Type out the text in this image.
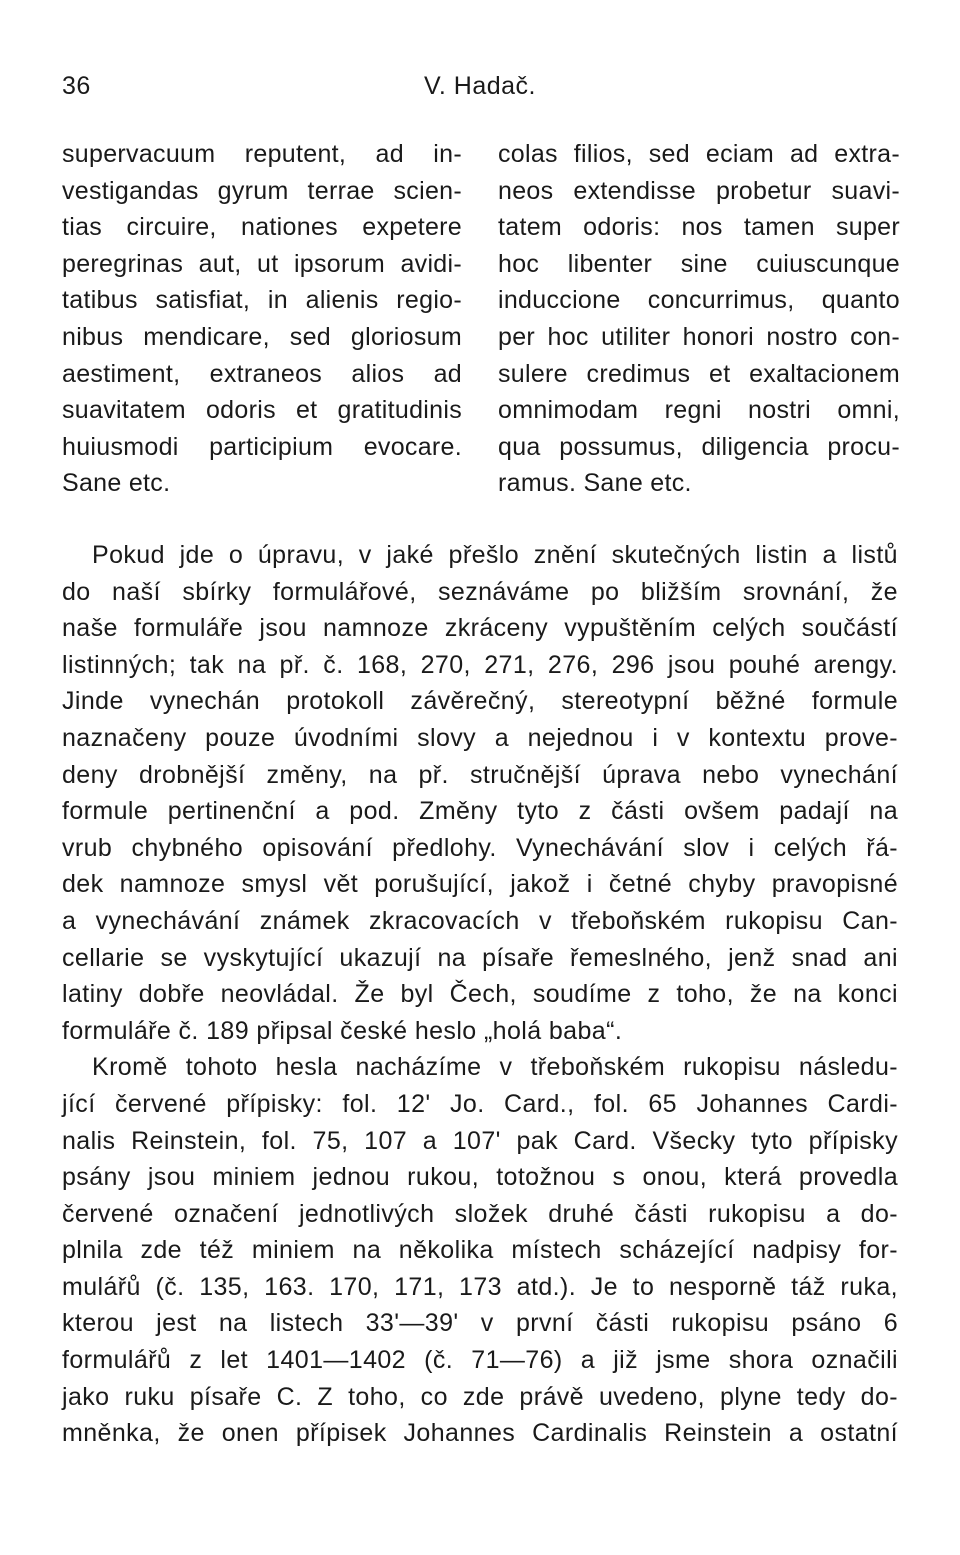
36	V. Hadač.
supervacuum reputent, ad in-
vestigandas gyrum terrae scien-
tias circuire, nationes expetere
peregrinas aut, ut ipsorum avidi-
tatibus satisfiat, in alienis regio-
nibus mendicare, sed gloriosum
aestiment, extraneos alios ad
suavitatem odoris et gratitudinis
huiusmodi participium evocare.
Sane etc.
colas filios, sed eciam ad extra-
neos extendisse probetur suavi-
tatem odoris: nos tamen super
hoc libenter sine cuiuscunque
induccione concurrimus, quanto
per hoc utiliter honori nostro con-
sulere credimus et exaltacionem
omnimodam regni nostri omni,
qua possumus, diligencia procu-
ramus. Sane etc.
Pokud jde o úpravu, v jaké přešlo znění skutečných listin a listů
do naší sbírky formulářové, seznáváme po bližším srovnání, že
naše formuláře jsou namnoze zkráceny vypuštěním celých součástí
listinných; tak na př. č. 168, 270, 271, 276, 296 jsou pouhé arengy.
Jinde vynechán protokoll závěrečný, stereotypní běžné formule
naznačeny pouze úvodními slovy a nejednou i v kontextu prove-
deny drobnější změny, na př. stručnější úprava nebo vynechání
formule pertinenční a pod. Změny tyto z části ovšem padají na
vrub chybného opisování předlohy. Vynechávání slov i celých řá-
dek namnoze smysl vět porušující, jakož i četné chyby pravopisné
a vynechávání známek zkracovacích v třeboňském rukopisu Can-
cellarie se vyskytující ukazují na písaře řemeslného, jenž snad ani
latiny dobře neovládal. Že byl Čech, soudíme z toho, že na konci
formuláře č. 189 připsal české heslo „holá baba“.
Kromě tohoto hesla nacházíme v třeboňském rukopisu následu-
jící červené přípisky: fol. 12' Jo. Card., fol. 65 Johannes Cardi-
nalis Reinstein, fol. 75, 107 a 107' pak Card. Všecky tyto přípisky
psány jsou miniem jednou rukou, totožnou s onou, která provedla
červené označení jednotlivých složek druhé části rukopisu a do-
plnila zde též miniem na několika místech scházející nadpisy for-
mulářů (č. 135, 163. 170, 171, 173 atd.). Je to nesporně táž ruka,
kterou jest na listech 33'—39' v první části rukopisu psáno 6
formulářů z let 1401—1402 (č. 71—76) a již jsme shora označili
jako ruku písaře C. Z toho, co zde právě uvedeno, plyne tedy do-
mněnka, že onen přípisek Johannes Cardinalis Reinstein a ostatní
